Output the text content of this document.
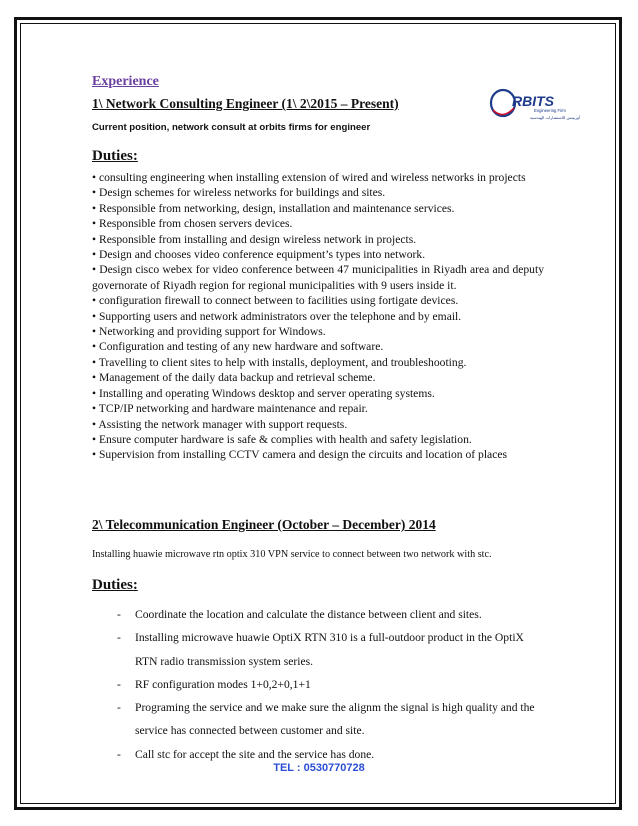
Experience
1\ Network Consulting Engineer (1\ 2\2015 – Present)	RBITS
Engineering Firm
أوربيتس للاستشارات الهندسية
Current position, network consult at orbits firms for engineer
Duties:
• consulting engineering when installing extension of wired and wireless networks in projects
• Design schemes for wireless networks for buildings and sites.
• Responsible from networking, design, installation and maintenance services.
• Responsible from chosen servers devices.
• Responsible from installing and design wireless network in projects.
• Design and chooses video conference equipment’s types into network.
• Design cisco webex for video conference between 47 municipalities in Riyadh area and deputy governorate of Riyadh region for regional municipalities with 9 users inside it.
• configuration firewall to connect between to facilities using fortigate devices.
• Supporting users and network administrators over the telephone and by email.
• Networking and providing support for Windows.
• Configuration and testing of any new hardware and software.
• Travelling to client sites to help with installs, deployment, and troubleshooting.
• Management of the daily data backup and retrieval scheme.
• Installing and operating Windows desktop and server operating systems.
• TCP/IP networking and hardware maintenance and repair.
• Assisting the network manager with support requests.
• Ensure computer hardware is safe & complies with health and safety legislation.
• Supervision from installing CCTV camera and design the circuits and location of places
2\ Telecommunication Engineer (October – December) 2014
Installing huawie microwave rtn optix 310 VPN service to connect between two network with stc.
Duties:
- Coordinate the location and calculate the distance between client and sites.
- Installing microwave huawie OptiX RTN 310 is a full-outdoor product in the OptiX RTN radio transmission system series.
- RF configuration modes 1+0,2+0,1+1
- Programing the service and we make sure the alignm the signal is high quality and the service has connected between customer and site.
- Call stc for accept the site and the service has done.
TEL : 0530770728
